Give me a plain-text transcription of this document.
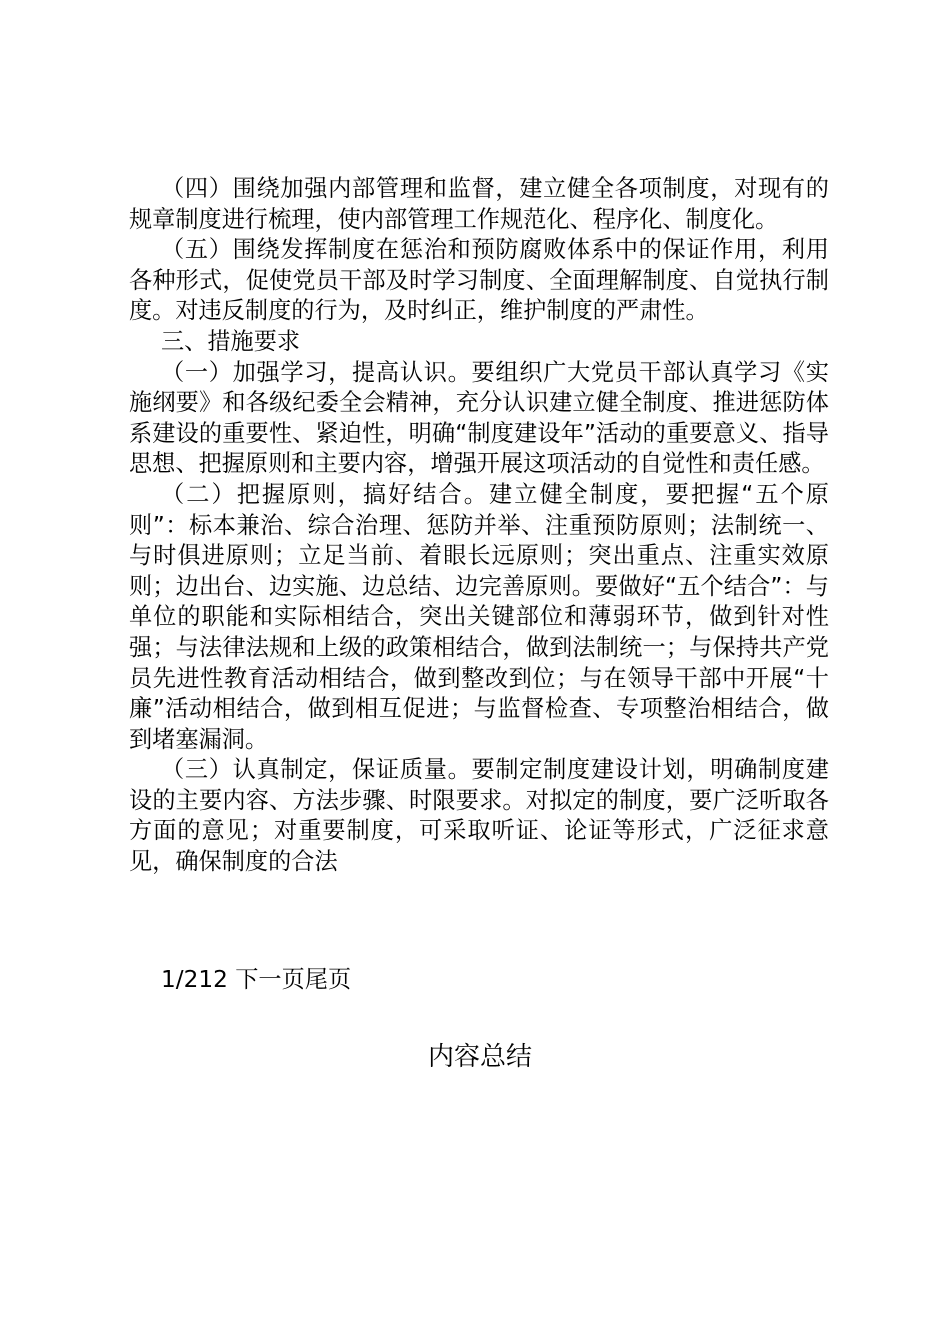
（四）围绕加强内部管理和监督，建立健全各项制度，对现有的规章制度进行梳理，使内部管理工作规范化、程序化、制度化。

（五）围绕发挥制度在惩治和预防腐败体系中的保证作用，利用各种形式，促使党员干部及时学习制度、全面理解制度、自觉执行制度。对违反制度的行为，及时纠正，维护制度的严肃性。

三、措施要求

（一）加强学习，提高认识。要组织广大党员干部认真学习《实施纲要》和各级纪委全会精神，充分认识建立健全制度、推进惩防体系建设的重要性、紧迫性，明确“制度建设年”活动的重要意义、指导思想、把握原则和主要内容，增强开展这项活动的自觉性和责任感。

（二）把握原则，搞好结合。建立健全制度，要把握“五个原则”：标本兼治、综合治理、惩防并举、注重预防原则；法制统一、与时俱进原则；立足当前、着眼长远原则；突出重点、注重实效原则；边出台、边实施、边总结、边完善原则。要做好“五个结合”：与单位的职能和实际相结合，突出关键部位和薄弱环节，做到针对性强；与法律法规和上级的政策相结合，做到法制统一；与保持共产党员先进性教育活动相结合，做到整改到位；与在领导干部中开展“十廉”活动相结合，做到相互促进；与监督检查、专项整治相结合，做到堵塞漏洞。

（三）认真制定，保证质量。要制定制度建设计划，明确制度建设的主要内容、方法步骤、时限要求。对拟定的制度，要广泛听取各方面的意见；对重要制度，可采取听证、论证等形式，广泛征求意见，确保制度的合法

1/212 下一页尾页
内容总结
